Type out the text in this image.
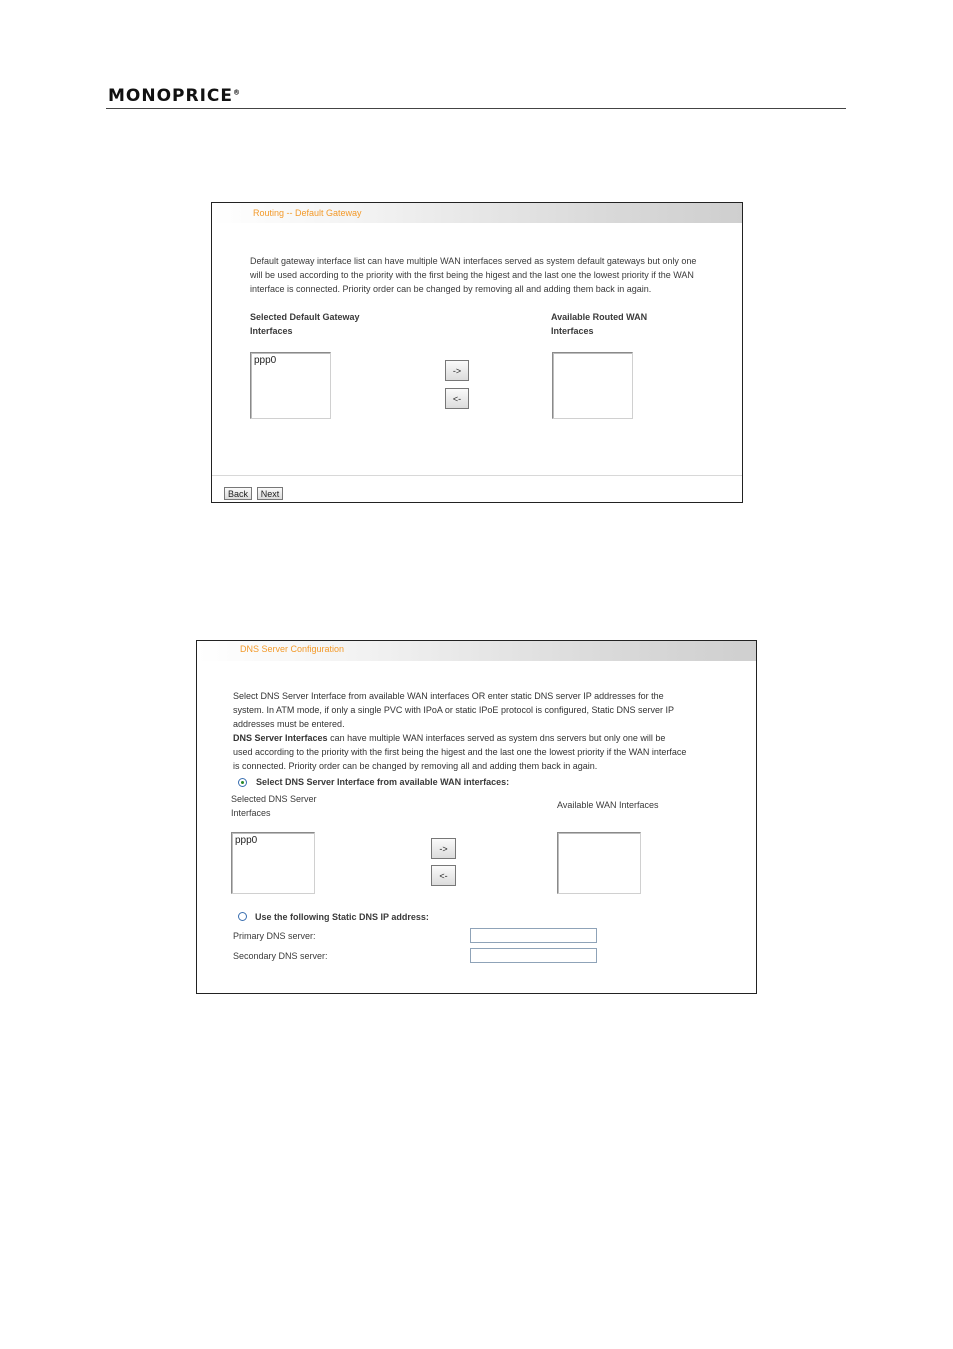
MONOPRICE®
Routing -- Default Gateway
Default gateway interface list can have multiple WAN interfaces served as system default gateways but only one
will be used according to the priority with the first being the higest and the last one the lowest priority if the WAN
interface is connected. Priority order can be changed by removing all and adding them back in again.
Selected Default Gateway
Interfaces
Available Routed WAN
Interfaces
ppp0
->
<-
Back	Next
DNS Server Configuration
Select DNS Server Interface from available WAN interfaces OR enter static DNS server IP addresses for the
system. In ATM mode, if only a single PVC with IPoA or static IPoE protocol is configured, Static DNS server IP
addresses must be entered.
DNS Server Interfaces can have multiple WAN interfaces served as system dns servers but only one will be
used according to the priority with the first being the higest and the last one the lowest priority if the WAN interface
is connected. Priority order can be changed by removing all and adding them back in again.
Select DNS Server Interface from available WAN interfaces:
Selected DNS Server
Interfaces
Available WAN Interfaces
ppp0
->
<-
Use the following Static DNS IP address:
Primary DNS server:
Secondary DNS server:
